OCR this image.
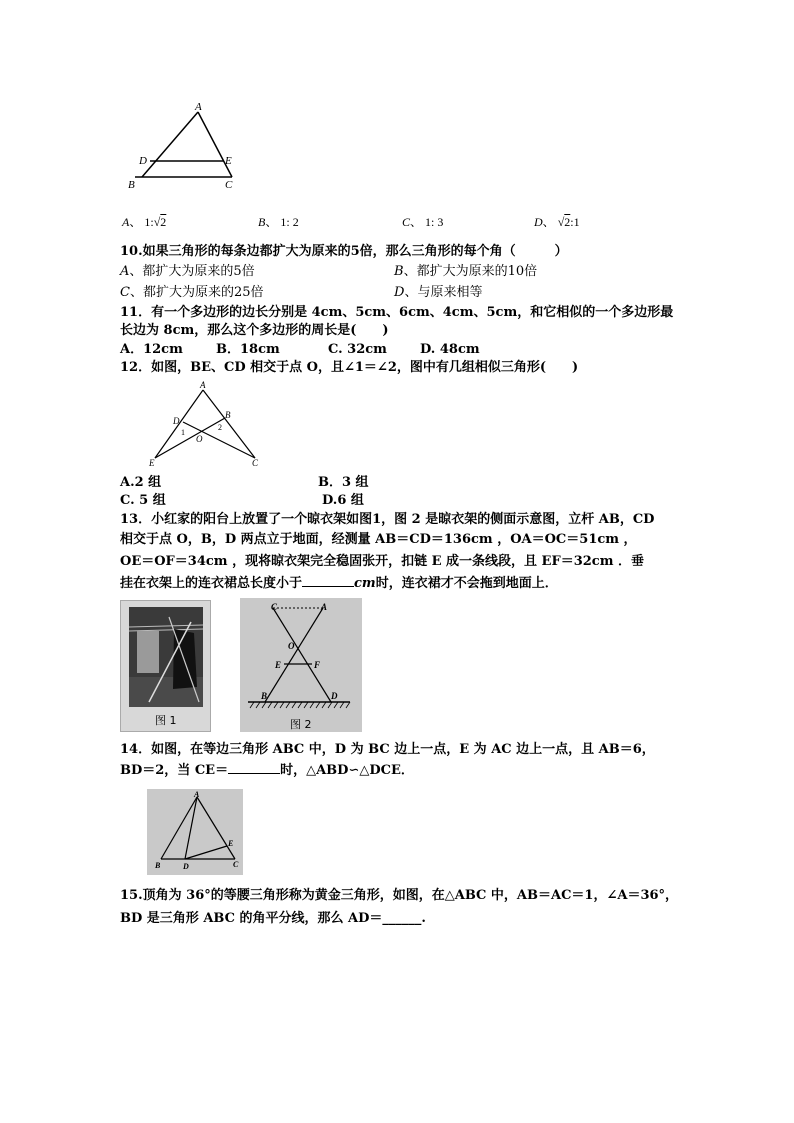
A
D	E
B	C
A、 1:√2	B、 1: 2	C、 1: 3	D、 √2:1
10.如果三角形的每条边都扩大为原来的5倍，那么三角形的每个角（　　　）
A、都扩大为原来的5倍	B、都扩大为原来的10倍
C、都扩大为原来的25倍	D、与原来相等
11．有一个多边形的边长分别是 4cm、5cm、6cm、4cm、5cm，和它相似的一个多边形最
长边为 8cm，那么这个多边形的周长是(　　)
A．12cm	B．18cm	C. 32cm	D. 48cm
12．如图，BE、CD 相交于点 O，且∠1＝∠2，图中有几组相似三角形(　　)
A
D
B
1
2
O
E	C
A.2 组	B．3 组
C. 5 组	D.6 组
13．小红家的阳台上放置了一个晾衣架如图1，图 2 是晾衣架的侧面示意图，立杆 AB，CD
相交于点 O，B，D 两点立于地面，经测量 AB＝CD＝136cm ，OA＝OC＝51cm ，
OE＝OF＝34cm ，现将晾衣架完全稳固张开，扣链 E 成一条线段，且 EF＝32cm ．垂
挂在衣架上的连衣裙总长度小于	cm时，连衣裙才不会拖到地面上．
图 1
C	A
O
E	F
B	D
图 2
14．如图，在等边三角形 ABC 中，D 为 BC 边上一点，E 为 AC 边上一点，且 AB＝6，
BD＝2，当 CE＝	时，△ABD∽△DCE．
A
E
B	D	C
15.顶角为 36°的等腰三角形称为黄金三角形，如图，在△ABC 中，AB＝AC＝1，∠A＝36°，
BD 是三角形 ABC 的角平分线，那么 AD＝______.
